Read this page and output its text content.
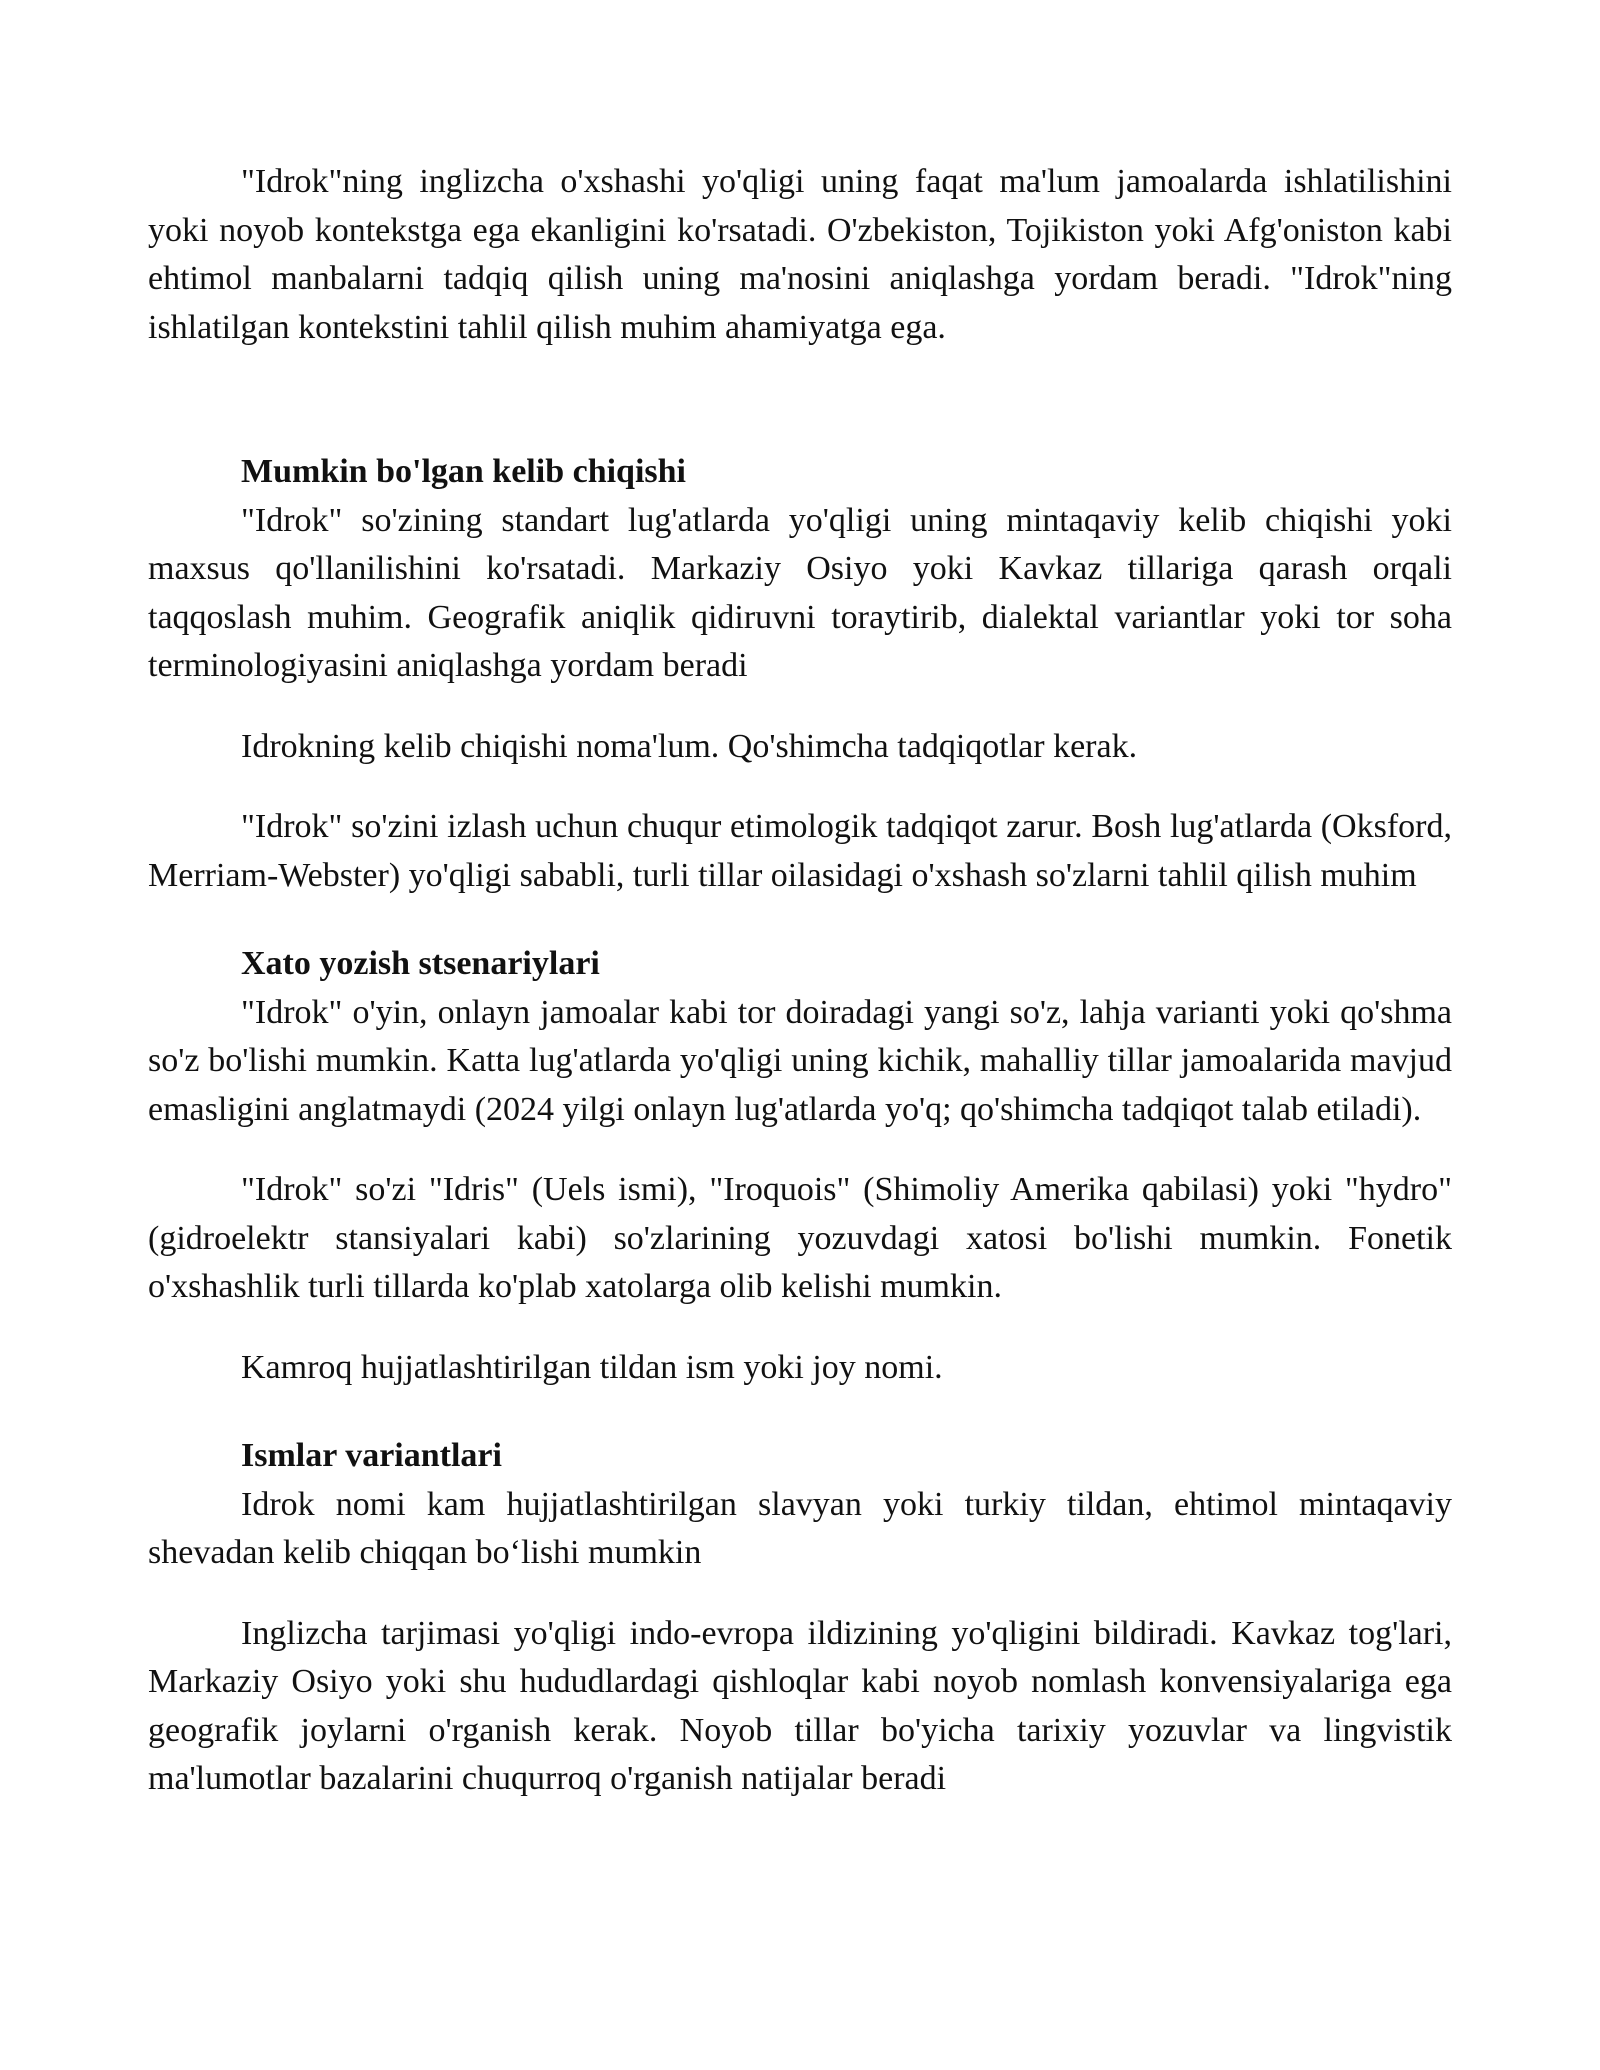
"Idrok"ning inglizcha o'xshashi yo'qligi uning faqat ma'lum jamoalarda ishlatilishini yoki noyob kontekstga ega ekanligini ko'rsatadi. O'zbekiston, Tojikiston yoki Afg'oniston kabi ehtimol manbalarni tadqiq qilish uning ma'nosini aniqlashga yordam beradi. "Idrok"ning ishlatilgan kontekstini tahlil qilish muhim ahamiyatga ega.

Mumkin bo'lgan kelib chiqishi

"Idrok" so'zining standart lug'atlarda yo'qligi uning mintaqaviy kelib chiqishi yoki maxsus qo'llanilishini ko'rsatadi. Markaziy Osiyo yoki Kavkaz tillariga qarash orqali taqqoslash muhim. Geografik aniqlik qidiruvni toraytirib, dialektal variantlar yoki tor soha terminologiyasini aniqlashga yordam beradi

Idrokning kelib chiqishi noma'lum. Qo'shimcha tadqiqotlar kerak.

"Idrok" so'zini izlash uchun chuqur etimologik tadqiqot zarur. Bosh lug'atlarda (Oksford, Merriam-Webster) yo'qligi sababli, turli tillar oilasidagi o'xshash so'zlarni tahlil qilish muhim

Xato yozish stsenariylari

"Idrok" o'yin, onlayn jamoalar kabi tor doiradagi yangi so'z, lahja varianti yoki qo'shma so'z bo'lishi mumkin. Katta lug'atlarda yo'qligi uning kichik, mahalliy tillar jamoalarida mavjud emasligini anglatmaydi (2024 yilgi onlayn lug'atlarda yo'q; qo'shimcha tadqiqot talab etiladi).

"Idrok" so'zi "Idris" (Uels ismi), "Iroquois" (Shimoliy Amerika qabilasi) yoki "hydro" (gidroelektr stansiyalari kabi) so'zlarining yozuvdagi xatosi bo'lishi mumkin. Fonetik o'xshashlik turli tillarda ko'plab xatolarga olib kelishi mumkin.

Kamroq hujjatlashtirilgan tildan ism yoki joy nomi.

Ismlar variantlari

Idrok nomi kam hujjatlashtirilgan slavyan yoki turkiy tildan, ehtimol mintaqaviy shevadan kelib chiqqan bo‘lishi mumkin

Inglizcha tarjimasi yo'qligi indo-evropa ildizining yo'qligini bildiradi. Kavkaz tog'lari, Markaziy Osiyo yoki shu hududlardagi qishloqlar kabi noyob nomlash konvensiyalariga ega geografik joylarni o'rganish kerak. Noyob tillar bo'yicha tarixiy yozuvlar va lingvistik ma'lumotlar bazalarini chuqurroq o'rganish natijalar beradi
